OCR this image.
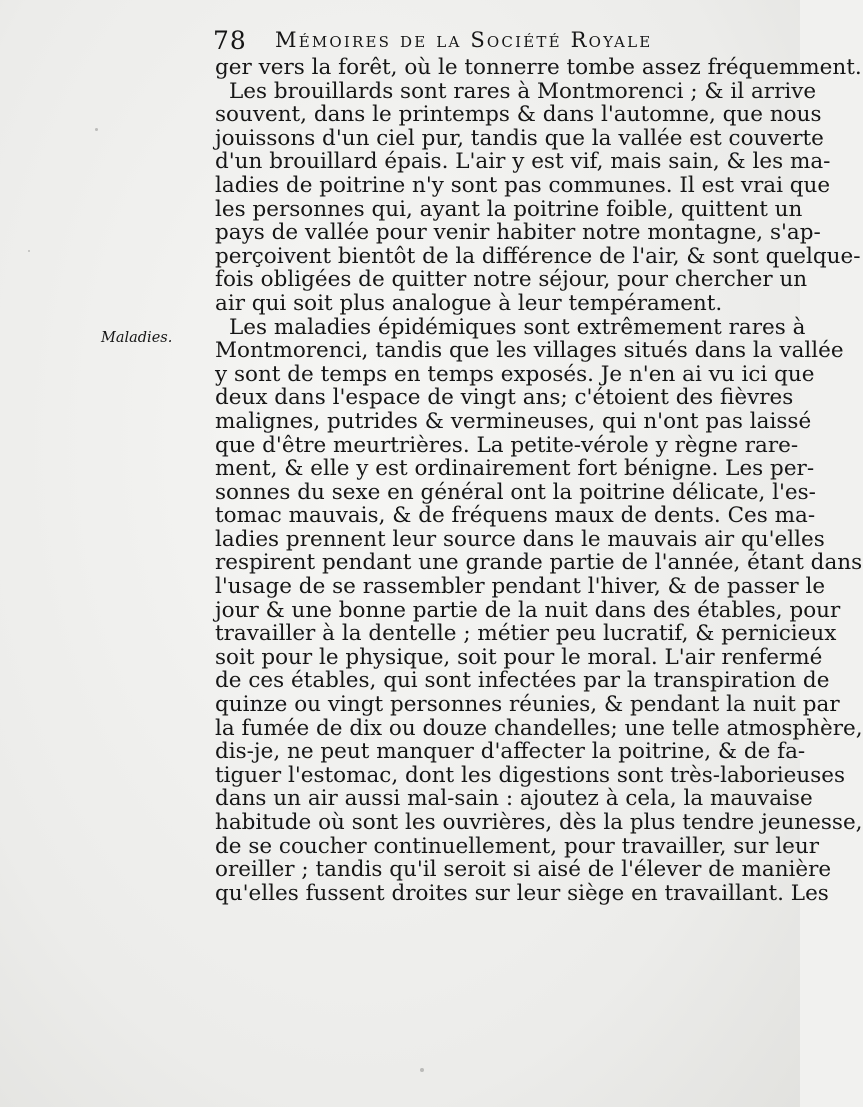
78 Mémoires de la Société Royale
Maladies.
ger vers la forêt, où le tonnerre tombe assez fréquemment.
Les brouillards sont rares à Montmorenci ; & il arrive
souvent, dans le printemps & dans l'automne, que nous
jouissons d'un ciel pur, tandis que la vallée est couverte
d'un brouillard épais. L'air y est vif, mais sain, & les ma-
ladies de poitrine n'y sont pas communes. Il est vrai que
les personnes qui, ayant la poitrine foible, quittent un
pays de vallée pour venir habiter notre montagne, s'ap-
perçoivent bientôt de la différence de l'air, & sont quelque-
fois obligées de quitter notre séjour, pour chercher un
air qui soit plus analogue à leur tempérament.
Les maladies épidémiques sont extrêmement rares à
Montmorenci, tandis que les villages situés dans la vallée
y sont de temps en temps exposés. Je n'en ai vu ici que
deux dans l'espace de vingt ans; c'étoient des fièvres
malignes, putrides & vermineuses, qui n'ont pas laissé
que d'être meurtrières. La petite-vérole y règne rare-
ment, & elle y est ordinairement fort bénigne. Les per-
sonnes du sexe en général ont la poitrine délicate, l'es-
tomac mauvais, & de fréquens maux de dents. Ces ma-
ladies prennent leur source dans le mauvais air qu'elles
respirent pendant une grande partie de l'année, étant dans
l'usage de se rassembler pendant l'hiver, & de passer le
jour & une bonne partie de la nuit dans des étables, pour
travailler à la dentelle ; métier peu lucratif, & pernicieux
soit pour le physique, soit pour le moral. L'air renfermé
de ces étables, qui sont infectées par la transpiration de
quinze ou vingt personnes réunies, & pendant la nuit par
la fumée de dix ou douze chandelles; une telle atmosphère,
dis-je, ne peut manquer d'affecter la poitrine, & de fa-
tiguer l'estomac, dont les digestions sont très-laborieuses
dans un air aussi mal-sain : ajoutez à cela, la mauvaise
habitude où sont les ouvrières, dès la plus tendre jeunesse,
de se coucher continuellement, pour travailler, sur leur
oreiller ; tandis qu'il seroit si aisé de l'élever de manière
qu'elles fussent droites sur leur siège en travaillant. Les
